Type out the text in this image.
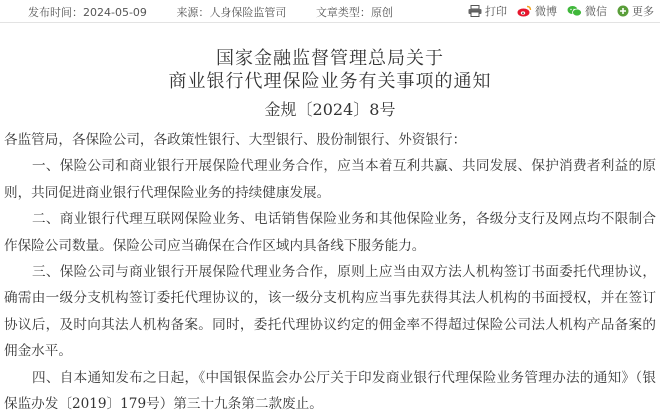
发布时间：2024-05-09	来源：人身保险监管司	文章类型：原创	打印	微博	微信 更多
国家金融监督管理总局关于
商业银行代理保险业务有关事项的通知
金规〔2024〕8号

各监管局，各保险公司，各政策性银行、大型银行、股份制银行、外资银行：

一、保险公司和商业银行开展保险代理业务合作，应当本着互利共赢、共同发展、保护消费者利益的原则，共同促进商业银行代理保险业务的持续健康发展。

二、商业银行代理互联网保险业务、电话销售保险业务和其他保险业务，各级分支行及网点均不限制合作保险公司数量。保险公司应当确保在合作区域内具备线下服务能力。

三、保险公司与商业银行开展保险代理业务合作，原则上应当由双方法人机构签订书面委托代理协议，确需由一级分支机构签订委托代理协议的，该一级分支机构应当事先获得其法人机构的书面授权，并在签订协议后，及时向其法人机构备案。同时，委托代理协议约定的佣金率不得超过保险公司法人机构产品备案的佣金水平。

四、自本通知发布之日起，《中国银保监会办公厅关于印发商业银行代理保险业务管理办法的通知》（银保监办发〔2019〕179号）第三十九条第二款废止。
